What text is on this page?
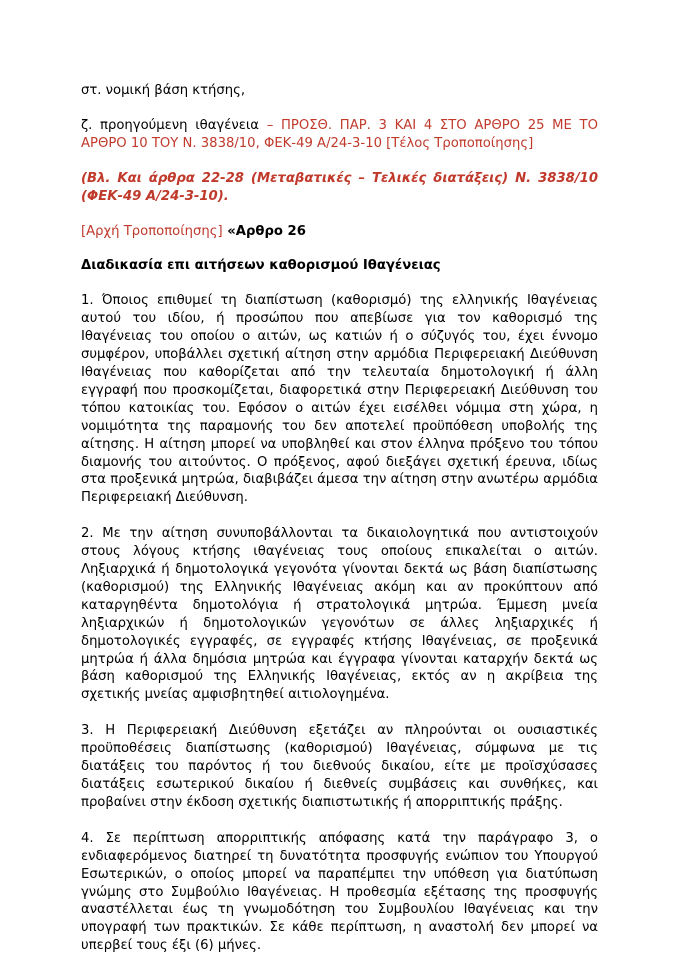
στ. νομική βάση κτήσης,

ζ. προηγούμενη ιθαγένεια – ΠΡΟΣΘ. ΠΑΡ. 3 ΚΑΙ 4 ΣΤΟ ΑΡΘΡΟ 25 ΜΕ ΤΟ ΑΡΘΡΟ 10 ΤΟΥ Ν. 3838/10, ΦΕΚ-49 Α/24-3-10 [Τέλος Τροποποίησης]

(Βλ. Και άρθρα 22-28 (Μεταβατικές – Τελικές διατάξεις) Ν. 3838/10 (ΦΕΚ-49 Α/24-3-10).

[Αρχή Τροποποίησης] «Αρθρο 26

Διαδικασία επι αιτήσεων καθορισμού Ιθαγένειας

1. Όποιος επιθυμεί τη διαπίστωση (καθορισμό) της ελληνικής Ιθαγένειας αυτού του ιδίου, ή προσώπου που απεβίωσε για τον καθορισμό της Ιθαγένειας του οποίου ο αιτών, ως κατιών ή ο σύζυγός του, έχει έννομο συμφέρον, υποβάλλει σχετική αίτηση στην αρμόδια Περιφερειακή Διεύθυνση Ιθαγένειας που καθορίζεται από την τελευταία δημοτολογική ή άλλη εγγραφή που προσκομίζεται, διαφορετικά στην Περιφερειακή Διεύθυνση του τόπου κατοικίας του. Εφόσον ο αιτών έχει εισέλθει νόμιμα στη χώρα, η νομιμότητα της παραμονής του δεν αποτελεί προϋπόθεση υποβολής της αίτησης. Η αίτηση μπορεί να υποβληθεί και στον έλληνα πρόξενο του τόπου διαμονής του αιτούντος. Ο πρόξενος, αφού διεξάγει σχετική έρευνα, ιδίως στα προξενικά μητρώα, διαβιβάζει άμεσα την αίτηση στην ανωτέρω αρμόδια Περιφερειακή Διεύθυνση.

2. Με την αίτηση συνυποβάλλονται τα δικαιολογητικά που αντιστοιχούν στους λόγους κτήσης ιθαγένειας τους οποίους επικαλείται ο αιτών. Ληξιαρχικά ή δημοτολογικά γεγονότα γίνονται δεκτά ως βάση διαπίστωσης (καθορισμού) της Ελληνικής Ιθαγένειας ακόμη και αν προκύπτουν από καταργηθέντα δημοτολόγια ή στρατολογικά μητρώα. Έμμεση μνεία ληξιαρχικών ή δημοτολογικών γεγονότων σε άλλες ληξιαρχικές ή δημοτολογικές εγγραφές, σε εγγραφές κτήσης Ιθαγένειας, σε προξενικά μητρώα ή άλλα δημόσια μητρώα και έγγραφα γίνονται καταρχήν δεκτά ως βάση καθορισμού της Ελληνικής Ιθαγένειας, εκτός αν η ακρίβεια της σχετικής μνείας αμφισβητηθεί αιτιολογημένα.

3. Η Περιφερειακή Διεύθυνση εξετάζει αν πληρούνται οι ουσιαστικές προϋποθέσεις διαπίστωσης (καθορισμού) Ιθαγένειας, σύμφωνα με τις διατάξεις του παρόντος ή του διεθνούς δικαίου, είτε με προϊσχύσασες διατάξεις εσωτερικού δικαίου ή διεθνείς συμβάσεις και συνθήκες, και προβαίνει στην έκδοση σχετικής διαπιστωτικής ή απορριπτικής πράξης.

4. Σε περίπτωση απορριπτικής απόφασης κατά την παράγραφο 3, ο ενδιαφερόμενος διατηρεί τη δυνατότητα προσφυγής ενώπιον του Υπουργού Εσωτερικών, ο οποίος μπορεί να παραπέμπει την υπόθεση για διατύπωση γνώμης στο Συμβούλιο Ιθαγένειας. Η προθεσμία εξέτασης της προσφυγής αναστέλλεται έως τη γνωμοδότηση του Συμβουλίου Ιθαγένειας και την υπογραφή των πρακτικών. Σε κάθε περίπτωση, η αναστολή δεν μπορεί να υπερβεί τους έξι (6) μήνες.
